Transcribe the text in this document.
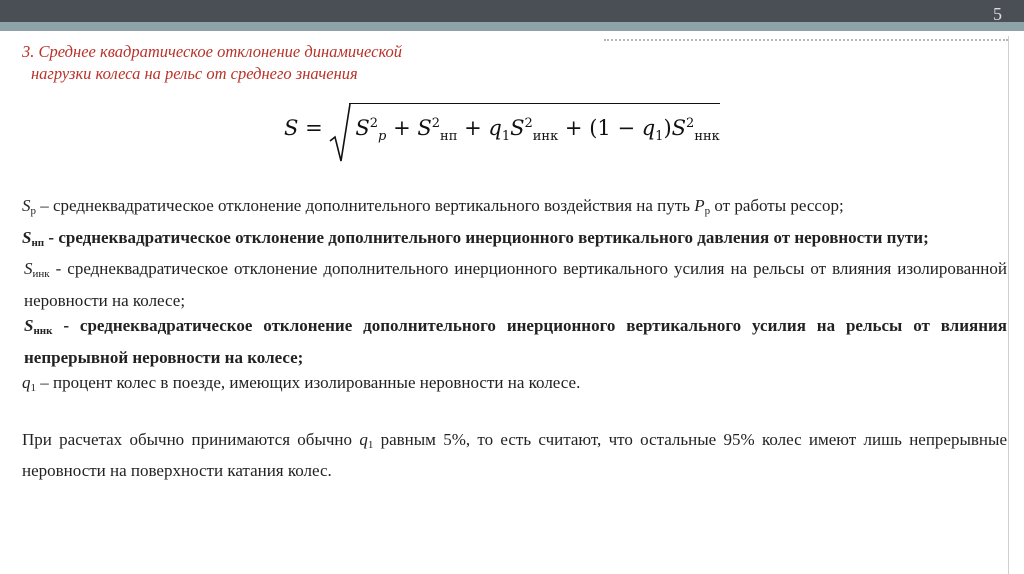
5
3. Среднее квадратическое отклонение динамической
нагрузки колеса на рельс от среднего значения
$S = S^2_p + S^2_{нп} + q_1S^2_{инк} + (1 - q_1)S^2_{ннк}$

$S_p$ – среднеквадратическое отклонение дополнительного вертикального воздействия на путь $P_р$ от работы рессор;

$S_{нп}$ - среднеквадратическое отклонение дополнительного инерционного вертикального давления от неровности пути;

$S_{инк}$ - среднеквадратическое отклонение дополнительного инерционного вертикального усилия на рельсы от влияния изолированной неровности на колесе;

$S_{ннк}$ - среднеквадратическое отклонение дополнительного инерционного вертикального усилия на рельсы от влияния непрерывной неровности на колесе;

$q_1$ – процент колес в поезде, имеющих изолированные неровности на колесе.

При расчетах обычно принимаются обычно $q_1$ равным 5%, то есть считают, что остальные 95% колес имеют лишь непрерывные неровности на поверхности катания колес.
